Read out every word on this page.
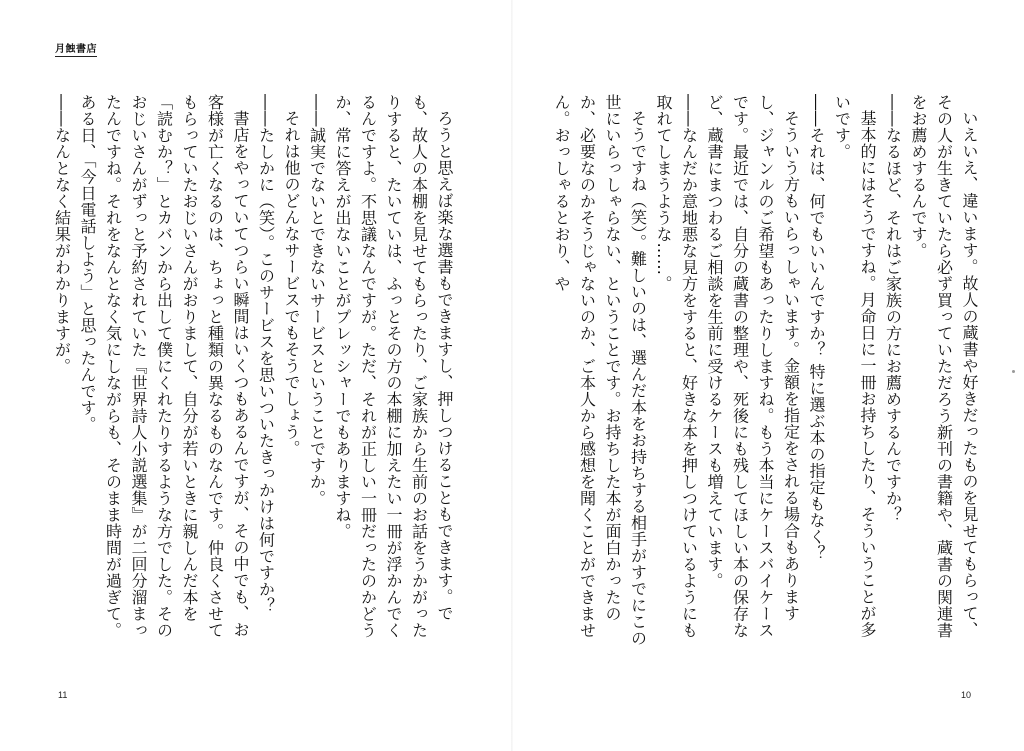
月蝕書店

ろうと思えば楽な選書もできますし、押しつけることもできます。でも、故人の本棚を見せてもらったり、ご家族から生前のお話をうかがったりすると、たいていは、ふっとその方の本棚に加えたい一冊が浮かんでくるんですよ。不思議なんですが。ただ、それが正しい一冊だったのかどうか、常に答えが出ないことがプレッシャーでもありますね。

――誠実でないとできないサービスということですか。

それは他のどんなサービスでもそうでしょう。

――たしかに（笑）。このサービスを思いついたきっかけは何ですか？

書店をやっていてつらい瞬間はいくつもあるんですが、その中でも、お客様が亡くなるのは、ちょっと種類の異なるものなんです。仲良くさせてもらっていたおじいさんがおりまして、自分が若いときに親しんだ本を「読むか？」とカバンから出して僕にくれたりするような方でした。そのおじいさんがずっと予約されていた『世界詩人小説選集』が二回分溜まったんですね。それをなんとなく気にしながらも、そのまま時間が過ぎて。ある日、「今日電話しよう」と思ったんです。

――なんとなく結果がわかりますが。

11

いえいえ、違います。故人の蔵書や好きだったものを見せてもらって、その人が生きていたら必ず買っていただろう新刊の書籍や、蔵書の関連書をお薦めするんです。

――なるほど、それはご家族の方にお薦めするんですか？

基本的にはそうですね。月命日に一冊お持ちしたり、そういうことが多いです。

――それは、何でもいいんですか？ 特に選ぶ本の指定もなく？

そういう方もいらっしゃいます。金額を指定をされる場合もありますし、ジャンルのご希望もあったりしますね。もう本当にケースバイケースです。最近では、自分の蔵書の整理や、死後にも残してほしい本の保存など、蔵書にまつわるご相談を生前に受けるケースも増えています。

――なんだか意地悪な見方をすると、好きな本を押しつけているようにも取れてしまうような……。

そうですね（笑）。難しいのは、選んだ本をお持ちする相手がすでにこの世にいらっしゃらない、ということです。お持ちした本が面白かったのか、必要なのかそうじゃないのか、ご本人から感想を聞くことができません。おっしゃるとおり、や

10
